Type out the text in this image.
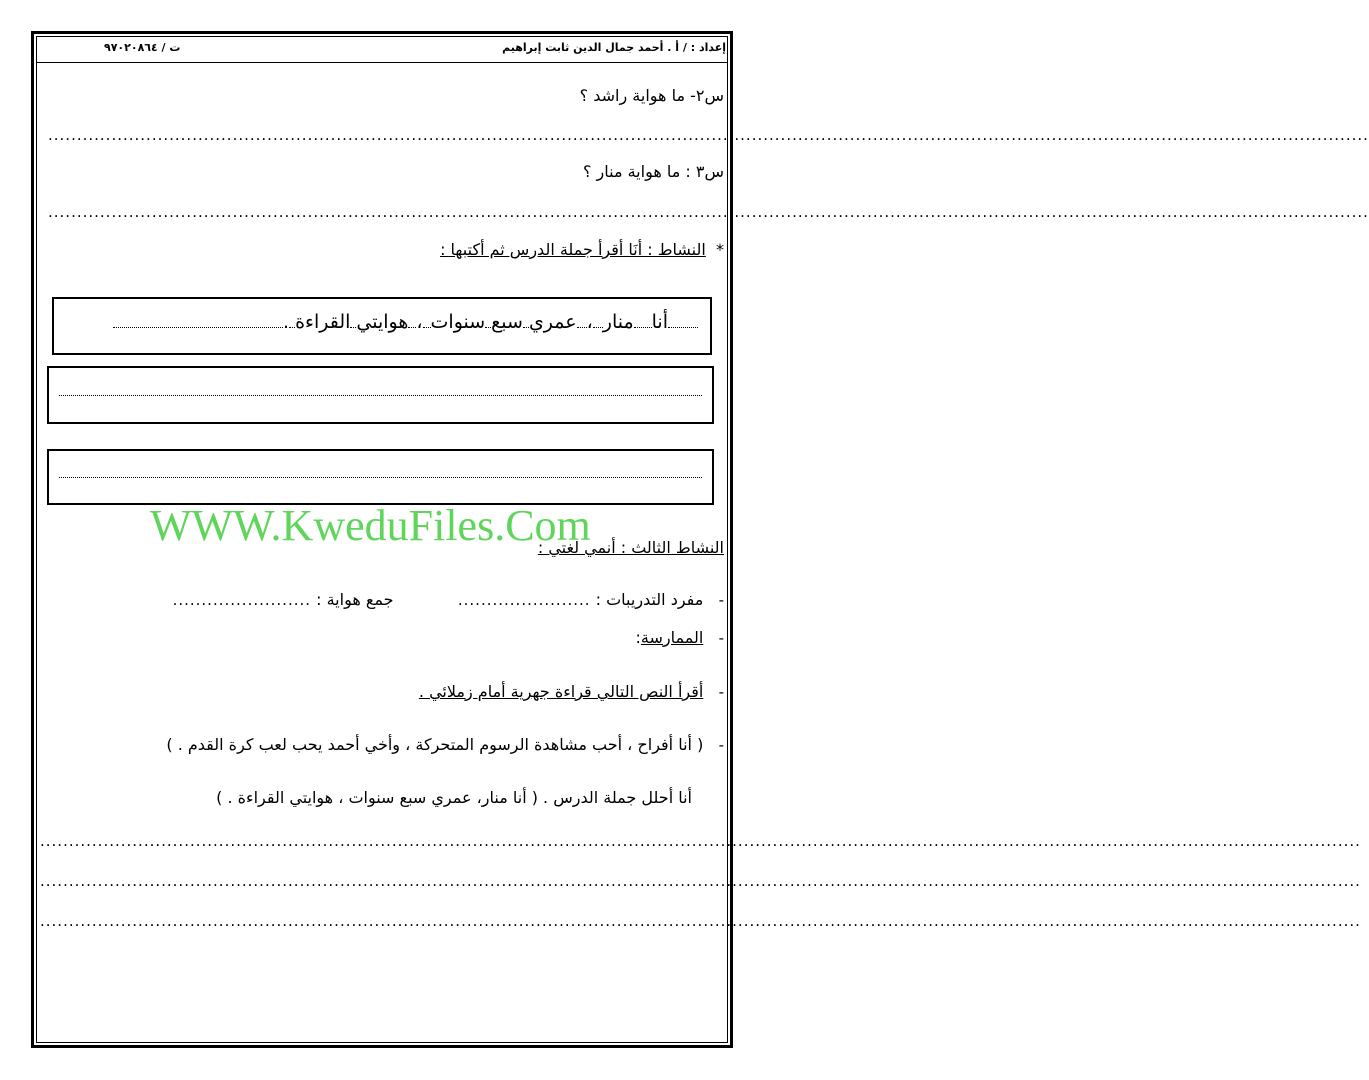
إعداد : / أ . أحمد جمال الدين ثابت إبراهيم
ت / ٩٧٠٢٠٨٦٤
س٢- ما هواية راشد ؟
.....................................................................................................................................................................................................................................
س٣ : ما هواية منار ؟
.....................................................................................................................................................................................................................................
*  النشاط : أنَا أقرأ جملة الدرس ثم أكتبها :
أنامنار،عمريسبعسنوات،هوايتيالقراءة.
WWW.KweduFiles.Com
النشاط الثالث : أنمي لغتي :
-   مفرد التدريبات : .......................            جمع هواية : ........................
-   الممارسة:
-   أقرأ النص التالي قراءة جهرية أمام زملائي .
-   ( أنا أفراح ، أحب مشاهدة الرسوم المتحركة ، وأخي أحمد يحب لعب كرة القدم . )
أنا أحلل جملة الدرس . ( أنا منار، عمري سبع سنوات ، هوايتي القراءة . )
.....................................................................................................................................................................................................................................
.....................................................................................................................................................................................................................................
.....................................................................................................................................................................................................................................
